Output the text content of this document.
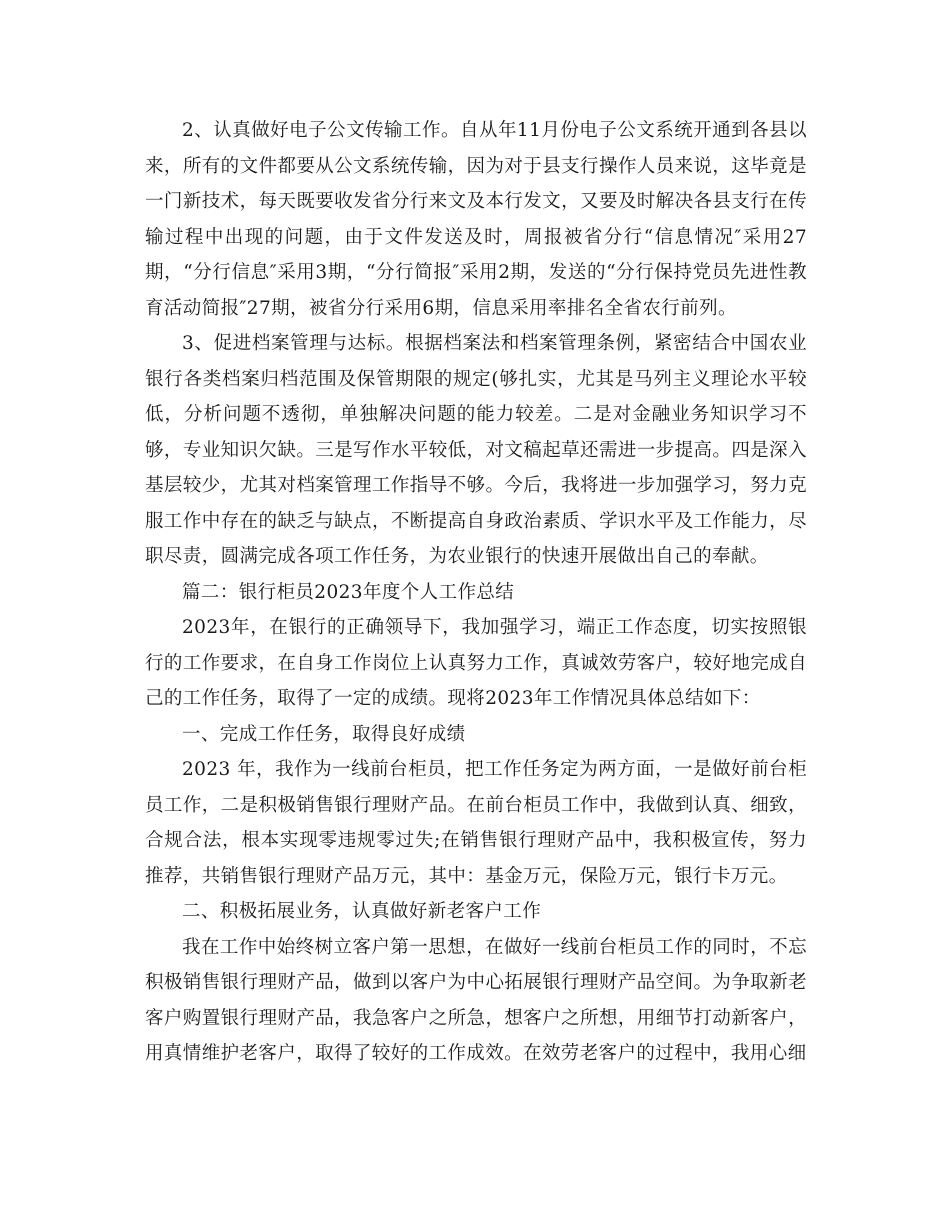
2、认真做好电子公文传输工作。自从年11月份电子公文系统开通到各县以来，所有的文件都要从公文系统传输，因为对于县支行操作人员来说，这毕竟是一门新技术，每天既要收发省分行来文及本行发文，又要及时解决各县支行在传输过程中出现的问题，由于文件发送及时，周报被省分行“信息情况″采用27期，“分行信息″采用3期，“分行简报″采用2期，发送的“分行保持党员先进性教育活动简报″27期，被省分行采用6期，信息采用率排名全省农行前列。

3、促进档案管理与达标。根据档案法和档案管理条例，紧密结合中国农业银行各类档案归档范围及保管期限的规定(够扎实，尤其是马列主义理论水平较低，分析问题不透彻，单独解决问题的能力较差。二是对金融业务知识学习不够，专业知识欠缺。三是写作水平较低，对文稿起草还需进一步提高。四是深入基层较少，尤其对档案管理工作指导不够。今后，我将进一步加强学习，努力克服工作中存在的缺乏与缺点，不断提高自身政治素质、学识水平及工作能力，尽职尽责，圆满完成各项工作任务，为农业银行的快速开展做出自己的奉献。

篇二：银行柜员2023年度个人工作总结

2023年，在银行的正确领导下，我加强学习，端正工作态度，切实按照银行的工作要求，在自身工作岗位上认真努力工作，真诚效劳客户，较好地完成自己的工作任务，取得了一定的成绩。现将2023年工作情况具体总结如下：

一、完成工作任务，取得良好成绩

2023 年，我作为一线前台柜员，把工作任务定为两方面，一是做好前台柜员工作，二是积极销售银行理财产品。在前台柜员工作中，我做到认真、细致，合规合法，根本实现零违规零过失;在销售银行理财产品中，我积极宣传，努力推荐，共销售银行理财产品万元，其中：基金万元，保险万元，银行卡万元。

二、积极拓展业务，认真做好新老客户工作

我在工作中始终树立客户第一思想，在做好一线前台柜员工作的同时，不忘积极销售银行理财产品，做到以客户为中心拓展银行理财产品空间。为争取新老客户购置银行理财产品，我急客户之所急，想客户之所想，用细节打动新客户，用真情维护老客户，取得了较好的工作成效。在效劳老客户的过程中，我用心细
